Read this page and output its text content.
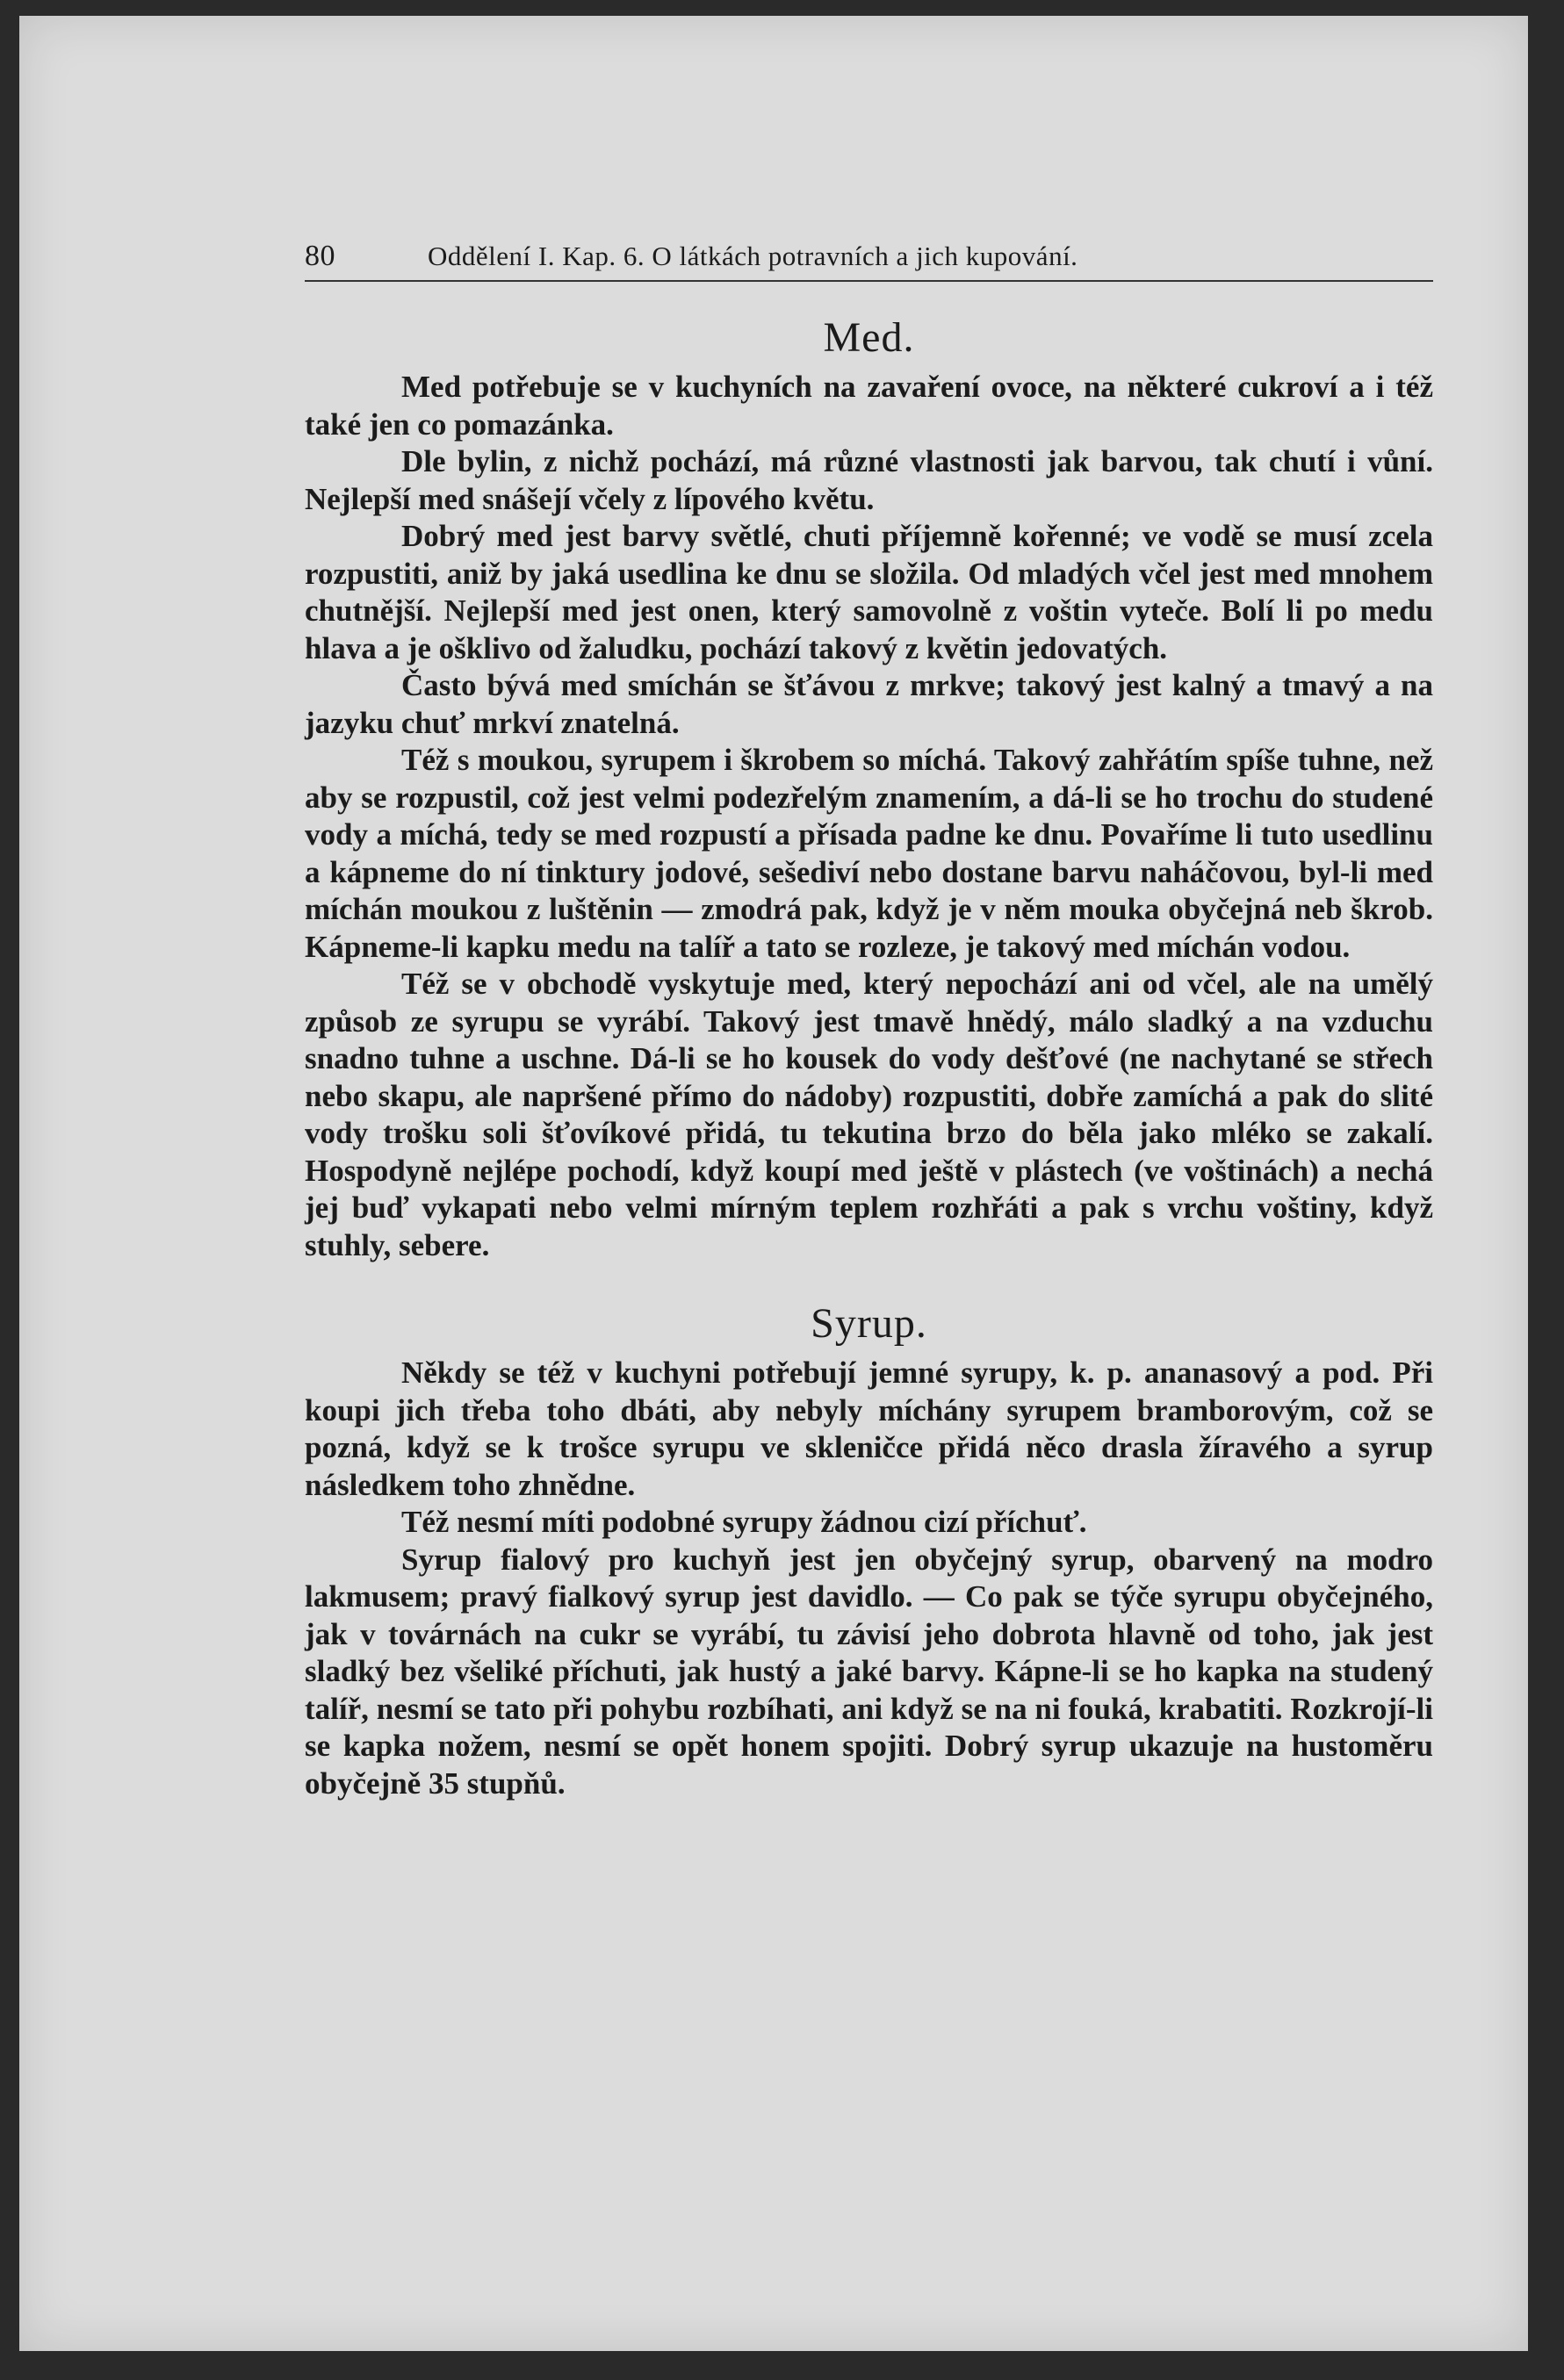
80	Oddělení I. Kap. 6. O látkách potravních a jich kupování.
Med.

Med potřebuje se v kuchyních na zavaření ovoce, na některé cukroví a i též také jen co pomazánka.

Dle bylin, z nichž pochází, má různé vlastnosti jak barvou, tak chutí i vůní. Nejlepší med snášejí včely z lípového květu.

Dobrý med jest barvy světlé, chuti příjemně kořenné; ve vodě se musí zcela rozpustiti, aniž by jaká usedlina ke dnu se složila. Od mladých včel jest med mnohem chutnější. Nejlepší med jest onen, který samovolně z voštin vyteče. Bolí li po medu hlava a je ošklivo od žaludku, pochází takový z květin jedovatých.

Často bývá med smíchán se šťávou z mrkve; takový jest kalný a tmavý a na jazyku chuť mrkví znatelná.

Též s moukou, syrupem i škrobem so míchá. Takový zahřátím spíše tuhne, než aby se rozpustil, což jest velmi podezřelým znamením, a dá-li se ho trochu do studené vody a míchá, tedy se med rozpustí a přísada padne ke dnu. Povaříme li tuto usedlinu a kápneme do ní tinktury jodové, sešediví nebo dostane barvu naháčovou, byl-li med míchán moukou z luštěnin — zmodrá pak, když je v něm mouka obyčejná neb škrob. Kápneme-li kapku medu na talíř a tato se rozleze, je takový med míchán vodou.

Též se v obchodě vyskytuje med, který nepochází ani od včel, ale na umělý způsob ze syrupu se vyrábí. Takový jest tmavě hnědý, málo sladký a na vzduchu snadno tuhne a uschne. Dá-li se ho kousek do vody dešťové (ne nachytané se střech nebo skapu, ale napršené přímo do nádoby) rozpustiti, dobře zamíchá a pak do slité vody trošku soli šťovíkové přidá, tu tekutina brzo do běla jako mléko se zakalí. Hospodyně nejlépe pochodí, když koupí med ještě v plástech (ve voštinách) a nechá jej buď vykapati nebo velmi mírným teplem rozhřáti a pak s vrchu voštiny, když stuhly, sebere.

Syrup.

Někdy se též v kuchyni potřebují jemné syrupy, k. p. ananasový a pod. Při koupi jich třeba toho dbáti, aby nebyly míchány syrupem bramborovým, což se pozná, když se k trošce syrupu ve skleničce přidá něco drasla žíravého a syrup následkem toho zhnědne.

Též nesmí míti podobné syrupy žádnou cizí příchuť.

Syrup fialový pro kuchyň jest jen obyčejný syrup, obarvený na modro lakmusem; pravý fialkový syrup jest davidlo. — Co pak se týče syrupu obyčejného, jak v továrnách na cukr se vyrábí, tu závisí jeho dobrota hlavně od toho, jak jest sladký bez všeliké příchuti, jak hustý a jaké barvy. Kápne-li se ho kapka na studený talíř, nesmí se tato při pohybu rozbíhati, ani když se na ni fouká, krabatiti. Rozkrojí-li se kapka nožem, nesmí se opět honem spojiti. Dobrý syrup ukazuje na hustoměru obyčejně 35 stupňů.
